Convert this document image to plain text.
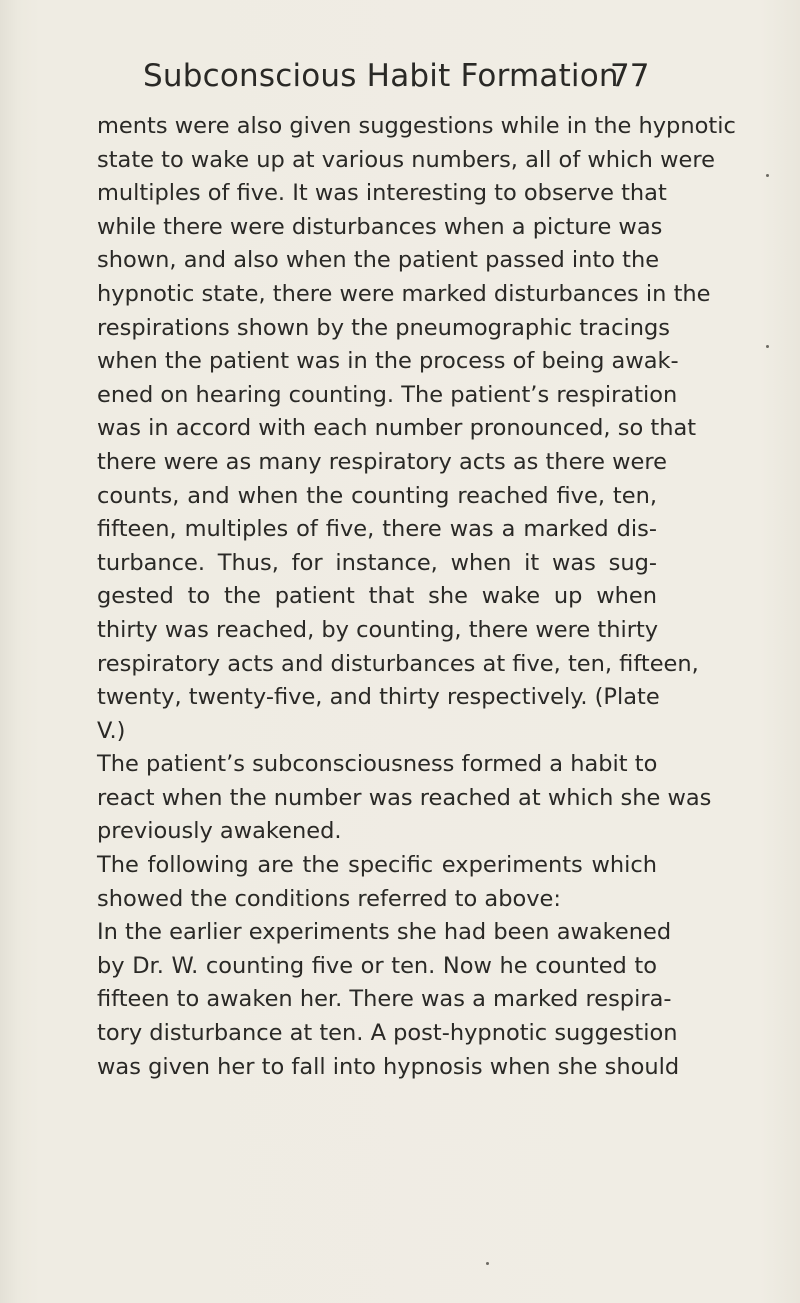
Subconscious Habit Formation
77
ments were also given suggestions while in the hypnotic
state to wake up at various numbers, all of which were
multiples of five. It was interesting to observe that
while there were disturbances when a picture was
shown, and also when the patient passed into the
hypnotic state, there were marked disturbances in the
respirations shown by the pneumographic tracings
when the patient was in the process of being awak-
ened on hearing counting. The patient’s respiration
was in accord with each number pronounced, so that
there were as many respiratory acts as there were
counts, and when the counting reached five, ten,
fifteen, multiples of five, there was a marked dis-
turbance. Thus, for instance, when it was sug-
gested to the patient that she wake up when
thirty was reached, by counting, there were thirty
respiratory acts and disturbances at five, ten, fifteen,
twenty, twenty-five, and thirty respectively. (Plate
V.)
The patient’s subconsciousness formed a habit to
react when the number was reached at which she was
previously awakened.
The following are the specific experiments which
showed the conditions referred to above:
In the earlier experiments she had been awakened
by Dr. W. counting five or ten. Now he counted to
fifteen to awaken her. There was a marked respira-
tory disturbance at ten. A post-hypnotic suggestion
was given her to fall into hypnosis when she should
